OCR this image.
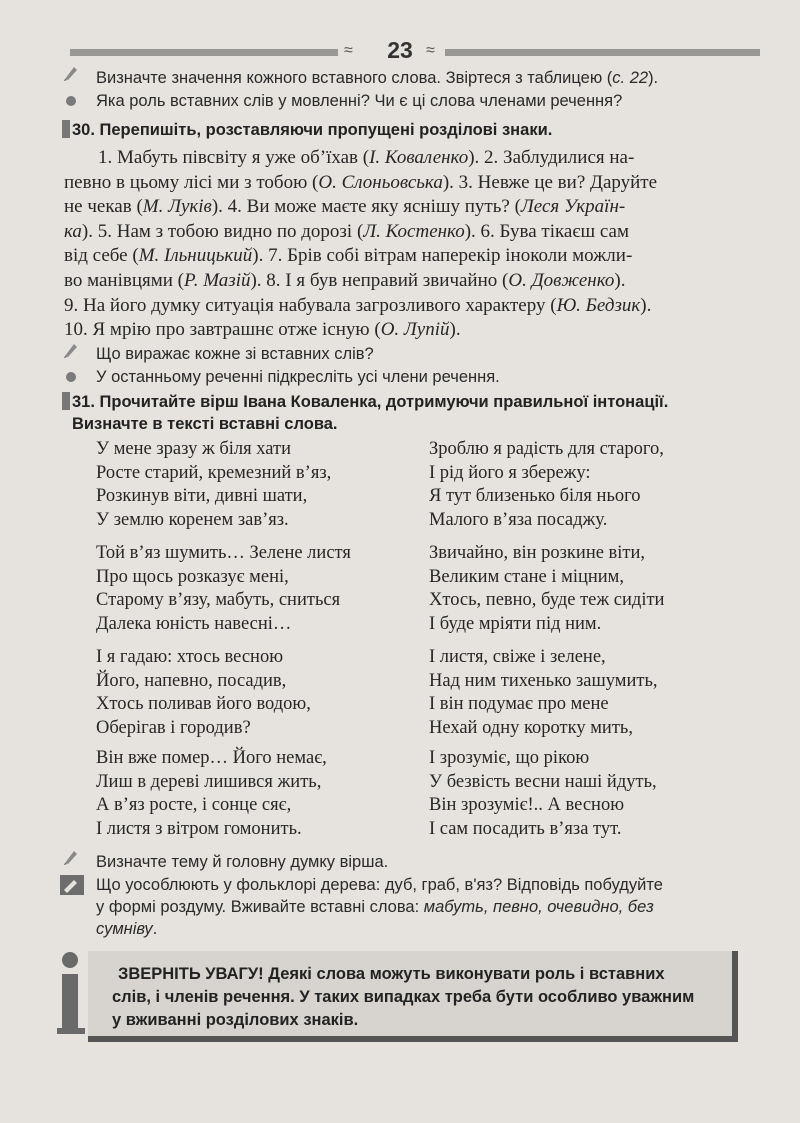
≈	23 ≈
Визначте значення кожного вставного слова. Звіртеся з таблицею (с. 22).
Яка роль вставних слів у мовленні? Чи є ці слова членами речення?
30. Перепишіть, розставляючи пропущені розділові знаки.
1. Мабуть півсвіту я уже об’їхав (І. Коваленко). 2. Заблудилися на-
певно в цьому лісі ми з тобою (О. Слоньовська). 3. Невже це ви? Даруйте
не чекав (М. Луків). 4. Ви може маєте яку яснішу путь? (Леся Україн-
ка). 5. Нам з тобою видно по дорозі (Л. Костенко). 6. Бува тікаєш сам
від себе (М. Ільницький). 7. Брів собі вітрам наперекір іноколи можли-
во манівцями (Р. Мазій). 8. І я був неправий звичайно (О. Довженко).
9. На його думку ситуація набувала загрозливого характеру (Ю. Бедзик).
10. Я мрію про завтрашнє отже існую (О. Лупій).
Що виражає кожне зі вставних слів?
У останньому реченні підкресліть усі члени речення.
31. Прочитайте вірш Івана Коваленка, дотримуючи правильної інтонації.
Визначте в тексті вставні слова.
У мене зразу ж біля хати
Росте старий, кремезний в’яз,
Розкинув віти, дивні шати,
У землю коренем зав’яз.
Той в’яз шумить… Зелене листя
Про щось розказує мені,
Старому в’язу, мабуть, сниться
Далека юність навесні…
І я гадаю: хтось весною
Його, напевно, посадив,
Хтось поливав його водою,
Оберігав і городив?
Він вже помер… Його немає,
Лиш в дереві лишився жить,
А в’яз росте, і сонце сяє,
І листя з вітром гомонить.
Зроблю я радість для старого,
І рід його я збережу:
Я тут близенько біля нього
Малого в’яза посаджу.
Звичайно, він розкине віти,
Великим стане і міцним,
Хтось, певно, буде теж сидіти
І буде мріяти під ним.
І листя, свіже і зелене,
Над ним тихенько зашумить,
І він подумає про мене
Нехай одну коротку мить,
І зрозуміє, що рікою
У безвість весни наші йдуть,
Він зрозуміє!.. А весною
І сам посадить в’яза тут.
Визначте тему й головну думку вірша.
Що уособлюють у фольклорі дерева: дуб, граб, в'яз? Відповідь побудуйте
у формі роздуму. Вживайте вставні слова: мабуть, певно, очевидно, без
сумніву.
ЗВЕРНІТЬ УВАГУ! Деякі слова можуть виконувати роль і вставних
слів, і членів речення. У таких випадках треба бути особливо уважним
у вживанні розділових знаків.
